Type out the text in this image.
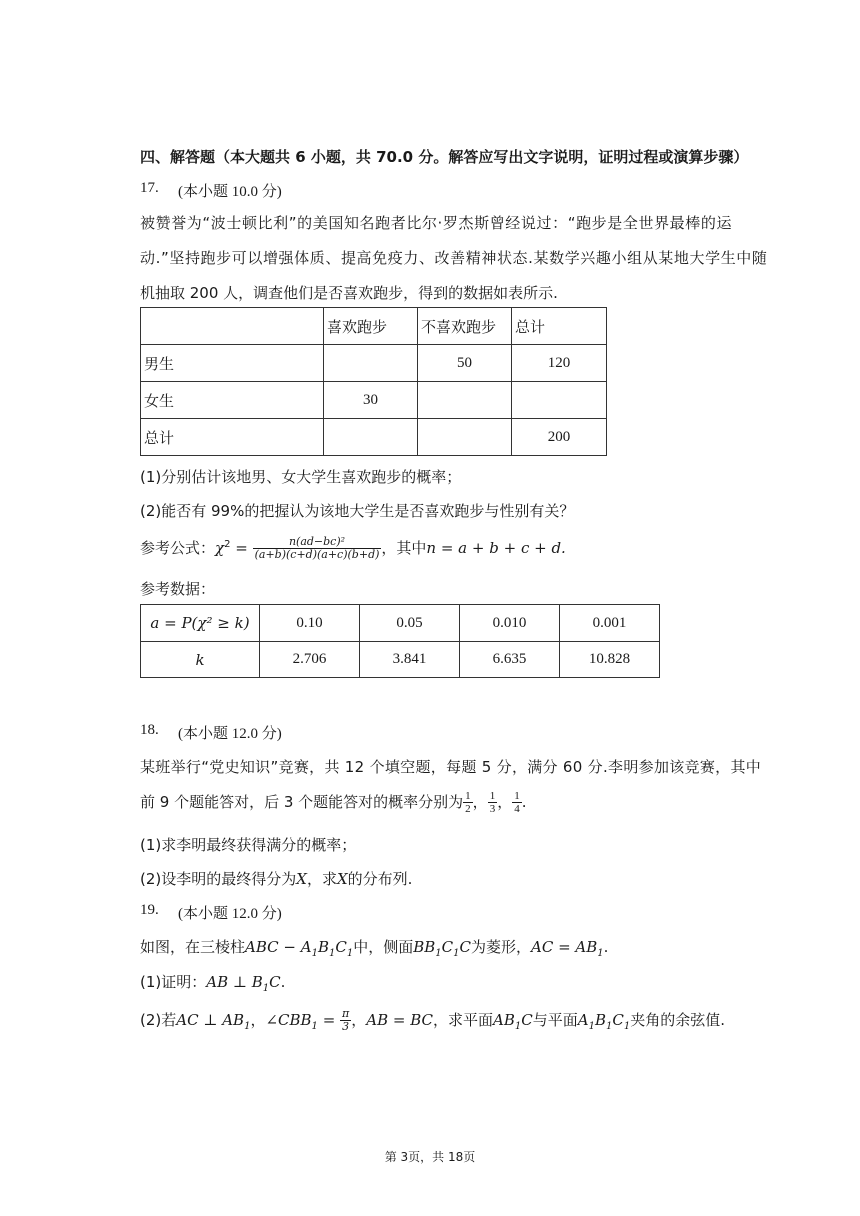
四、解答题（本大题共 6 小题，共 70.0 分。解答应写出文字说明，证明过程或演算步骤）
17. (本小题 10.0 分)
被赞誉为“波士顿比利”的美国知名跑者比尔·罗杰斯曾经说过：“跑步是全世界最棒的运
动.”坚持跑步可以增强体质、提高免疫力、改善精神状态.某数学兴趣小组从某地大学生中随
机抽取 200 人，调查他们是否喜欢跑步，得到的数据如表所示.
	喜欢跑步	不喜欢跑步	总计
男生		50	120
女生	30		
总计			200
(1)分别估计该地男、女大学生喜欢跑步的概率；
(2)能否有 99%的把握认为该地大学生是否喜欢跑步与性别有关？
参考公式：$\chi^2 = \frac{\text{n(ad−bc)²}}{(a+b)(c+d)(a+c)(b+d)}$ ，其中n = a + b + c + d.
参考数据：
a = P(χ² ≥ k)	0.10	0.05	0.010	0.001
k	2.706	3.841	6.635	10.828
18. (本小题 12.0 分)
某班举行“党史知识”竞赛，共 12 个填空题，每题 5 分，满分 60 分.李明参加该竞赛，其中
前 9 个题能答对，后 3 个题能答对的概率分别为 $\frac{1}{2}$ ， $\frac{1}{3}$ ， $\frac{1}{4}$ .
(1)求李明最终获得满分的概率；
(2)设李明的最终得分为X，求X的分布列.
19. (本小题 12.0 分)
如图，在三棱柱ABC − $A_1B_1C_1$中，侧面$BB_1C_1C$为菱形，AC = $AB_1$.
(1)证明：AB ⊥ $B_1C$.
(2)若AC ⊥ $AB_1$，$\angle CBB_1 = \frac{\pi}{3}$ ，AB = BC，求平面$AB_1C$与平面$A_1B_1C_1$夹角的余弦值.
第 3页，共 18页
